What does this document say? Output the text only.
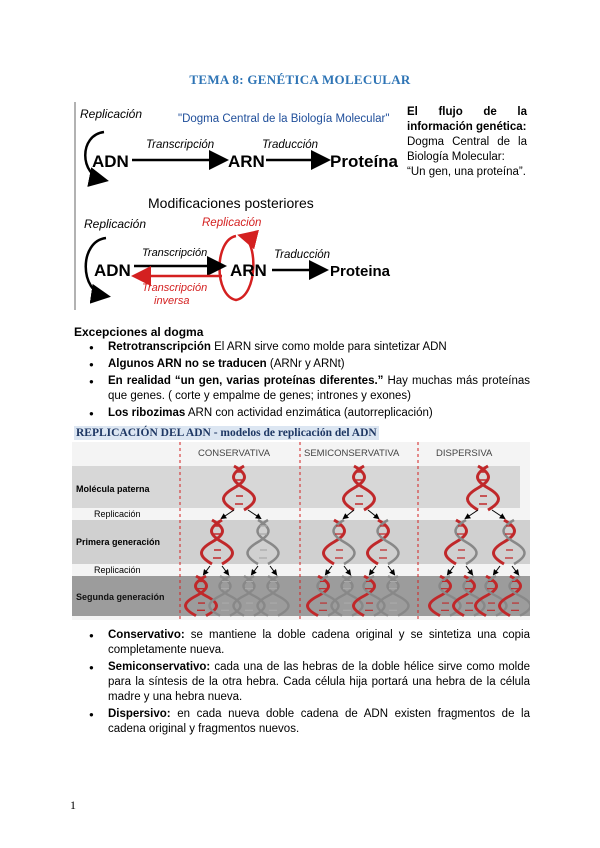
TEMA 8: GENÉTICA MOLECULAR
Replicación	"Dogma Central de la Biología Molecular"
ADN
Transcripción
ARN
Traducción
Proteína
Modificaciones posteriores
Replicación
ADN
Replicación
Transcripción
Transcripción
inversa
ARN
Traducción
Proteina
El flujo de la
información genética:
Dogma Central de la
Biología Molecular:
“Un gen, una proteína”.
Excepciones al dogma
● Retrotranscripción El ARN sirve como molde para sintetizar ADN
● Algunos ARN no se traducen (ARNr y ARNt)
● En realidad “un gen, varias proteínas diferentes.” Hay muchas más proteínas que genes. ( corte y empalme de genes; intrones y exones)
● Los ribozimas ARN con actividad enzimática (autorreplicación)
REPLICACIÓN DEL ADN - modelos de replicación del ADN
CONSERVATIVA	SEMICONSERVATIVA	DISPERSIVA
Molécula paterna
Replicación
Primera generación
Replicación
Segunda generación
● Conservativo: se mantiene la doble cadena original y se sintetiza una copia completamente nueva.
● Semiconservativo: cada una de las hebras de la doble hélice sirve como molde para la síntesis de la otra hebra. Cada célula hija portará una hebra de la célula madre y una hebra nueva.
● Dispersivo: en cada nueva doble cadena de ADN existen fragmentos de la cadena original y fragmentos nuevos.
1
